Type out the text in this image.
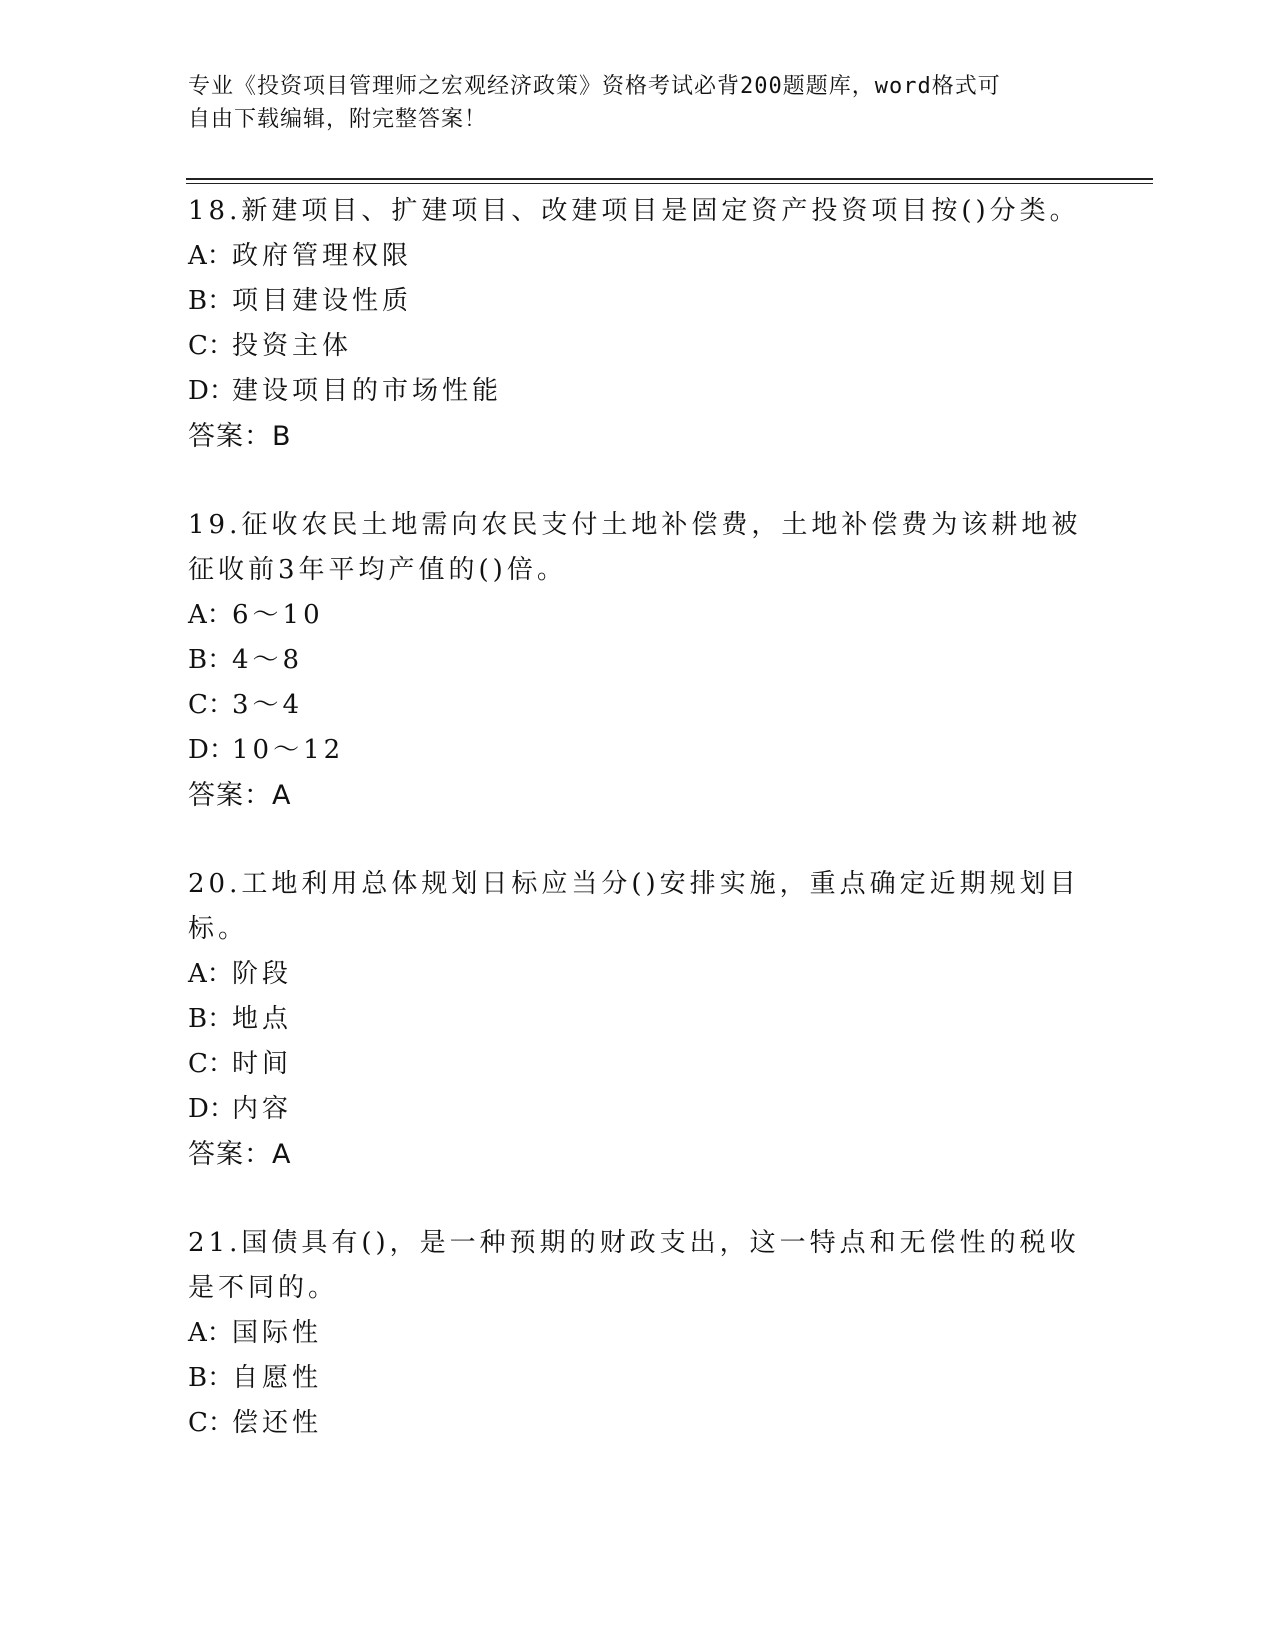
专业《投资项目管理师之宏观经济政策》资格考试必背200题题库，word格式可
自由下载编辑，附完整答案！
18.新建项目、扩建项目、改建项目是固定资产投资项目按()分类。
A：政府管理权限
B：项目建设性质
C：投资主体
D：建设项目的市场性能
答案：B
19.征收农民土地需向农民支付土地补偿费，土地补偿费为该耕地被征收前3年平均产值的()倍。
A：6～10
B：4～8
C：3～4
D：10～12
答案：A
20.工地利用总体规划日标应当分()安排实施，重点确定近期规划目标。
A：阶段
B：地点
C：时间
D：内容
答案：A
21.国债具有()，是一种预期的财政支出，这一特点和无偿性的税收是不同的。
A：国际性
B：自愿性
C：偿还性
